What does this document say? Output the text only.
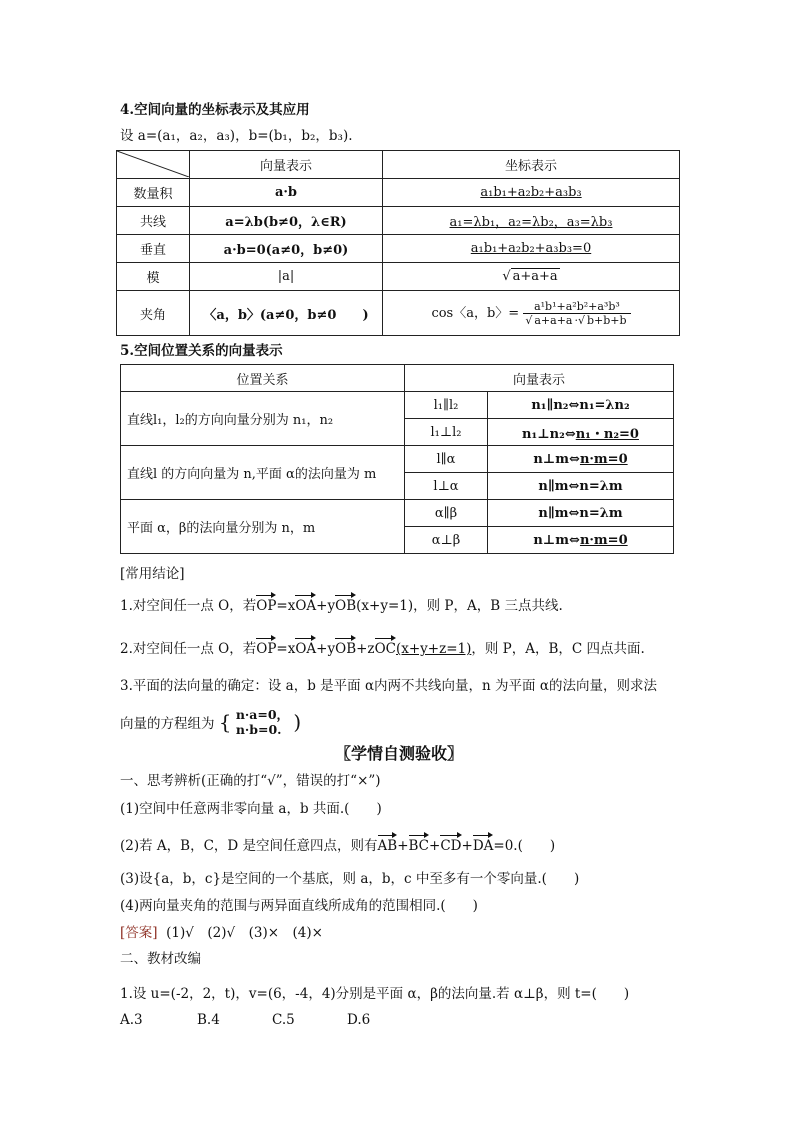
4.空间向量的坐标表示及其应用
设 a=(a₁，a₂，a₃)，b=(b₁，b₂，b₃).
	向量表示	坐标表示
数量积	a·b	a₁b₁+a₂b₂+a₃b₃
共线	a=λb(b≠0，λ∈R)	a₁=λb₁，a₂=λb₂，a₃=λb₃
垂直	a·b=0(a≠0，b≠0)	a₁b₁+a₂b₂+a₃b₃=0
模	|a|	√ a+a+a
夹角	〈a，b〉(a≠0，b≠0　　)	cos〈a，b〉= $\frac{\text{a¹b¹+a²b²+a³b³}}{√ a+a+a \cdot√ b+b+b}$
5.空间位置关系的向量表示
位置关系	向量表示	
直线l₁，l₂的方向向量分别为 n₁，n₂	l₁∥l₂	n₁∥n₂⇔n₁=λn₂
	l₁⊥l₂	n₁⊥n₂⇔n₁・n₂=0
直线l 的方向向量为 n,平面 α的法向量为 m	l∥α	n⊥m⇔n·m=0
	l⊥α	n∥m⇔n=λm
平面 α，β的法向量分别为 n，m	α∥β	n∥m⇔n=λm
	α⊥β	n⊥m⇔n·m=0
[常用结论]
1.对空间任一点 O，若OP=xOA+yOB(x+y=1)，则 P，A，B 三点共线.
2.对空间任一点 O，若OP=xOA+yOB+zOC(x+y+z=1)，则 P，A，B，C 四点共面.
3.平面的法向量的确定：设 a，b 是平面 α内两不共线向量，n 为平面 α的法向量，则求法
向量的方程组为 { n·a=0，
n·b=0. )
〖学情自测验收〗
一、思考辨析(正确的打“√”，错误的打“×”)
(1)空间中任意两非零向量 a，b 共面.(　　)
(2)若 A，B，C，D 是空间任意四点，则有AB+BC+CD+DA=0.(　　)
(3)设{a，b，c}是空间的一个基底，则 a，b，c 中至多有一个零向量.(　　)
(4)两向量夹角的范围与两异面直线所成角的范围相同.(　　)
[答案] (1)√　(2)√　(3)×　(4)×
二、教材改编
1.设 u=(-2，2，t)，v=(6，-4，4)分别是平面 α，β的法向量.若 α⊥β，则 t=(　　)
A.3	B.4	C.5	D.6
